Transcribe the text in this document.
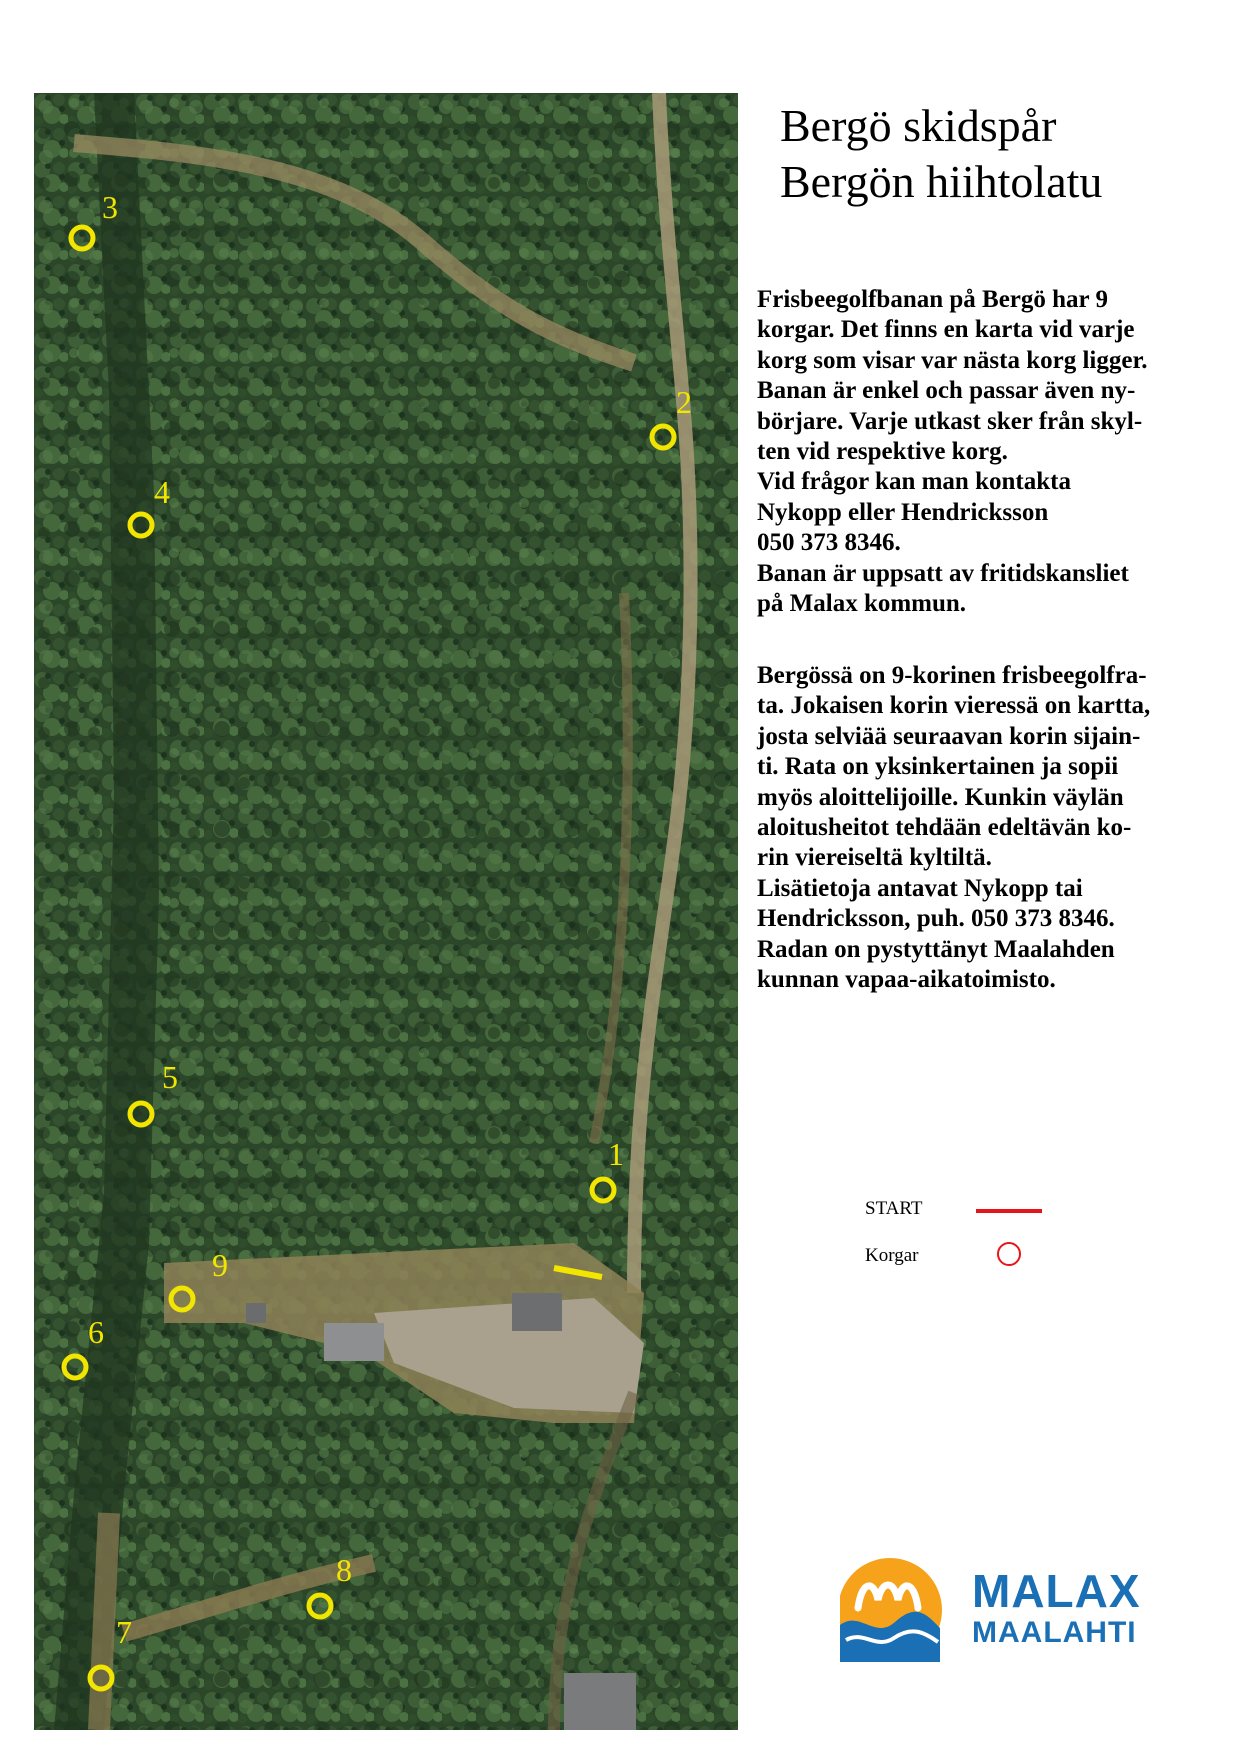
1
2
3
4
5
6
7
8
9
Bergö skidspår
Bergön hiihtolatu
Frisbeegolfbanan på Bergö har 9
korgar. Det finns en karta vid varje
korg som visar var nästa korg ligger.
Banan är enkel och passar även ny-
börjare. Varje utkast sker från skyl-
ten vid respektive korg.
Vid frågor kan man kontakta
Nykopp eller Hendricksson
050 373 8346.
Banan är uppsatt av fritidskansliet
på Malax kommun.
Bergössä on 9-korinen frisbeegolfra-
ta. Jokaisen korin vieressä on kartta,
josta selviää seuraavan korin sijain-
ti. Rata on yksinkertainen ja sopii
myös aloittelijoille. Kunkin väylän
aloitusheitot tehdään edeltävän ko-
rin viereiseltä kyltiltä.
Lisätietoja antavat Nykopp tai
Hendricksson, puh. 050 373 8346.
Radan on pystyttänyt Maalahden
kunnan vapaa-aikatoimisto.
START
Korgar
MALAX
MAALAHTI
